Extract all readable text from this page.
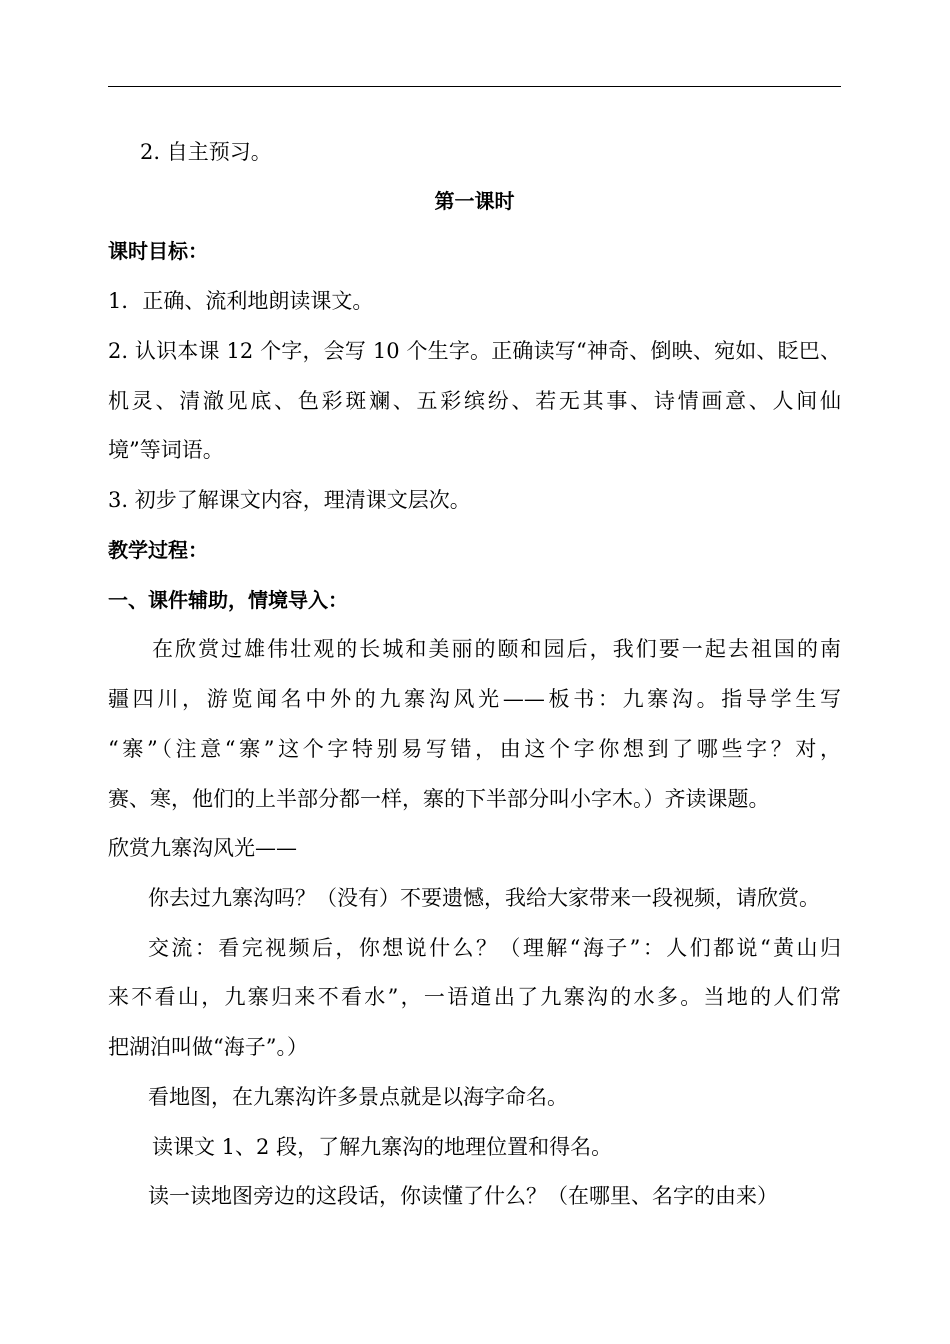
2. 自主预习。
第一课时
课时目标：
1．正确、流利地朗读课文。
2. 认识本课 12 个字，会写 10 个生字。正确读写“神奇、倒映、宛如、眨巴、
机灵、清澈见底、色彩斑斓、五彩缤纷、若无其事、诗情画意、人间仙
境”等词语。
3. 初步了解课文内容，理清课文层次。
教学过程：
一、课件辅助，情境导入：
在欣赏过雄伟壮观的长城和美丽的颐和园后，我们要一起去祖国的南
疆四川，游览闻名中外的九寨沟风光——板书：九寨沟。指导学生写
“寨”（注意“寨”这个字特别易写错，由这个字你想到了哪些字？对，
赛、寒，他们的上半部分都一样，寨的下半部分叫小字木。）齐读课题。
欣赏九寨沟风光——
你去过九寨沟吗？（没有）不要遗憾，我给大家带来一段视频，请欣赏。
交流：看完视频后，你想说什么？（理解“海子”：人们都说“黄山归
来不看山，九寨归来不看水”，一语道出了九寨沟的水多。当地的人们常
把湖泊叫做“海子”。）
看地图，在九寨沟许多景点就是以海字命名。
读课文 1、2 段，了解九寨沟的地理位置和得名。
读一读地图旁边的这段话，你读懂了什么？（在哪里、名字的由来）
